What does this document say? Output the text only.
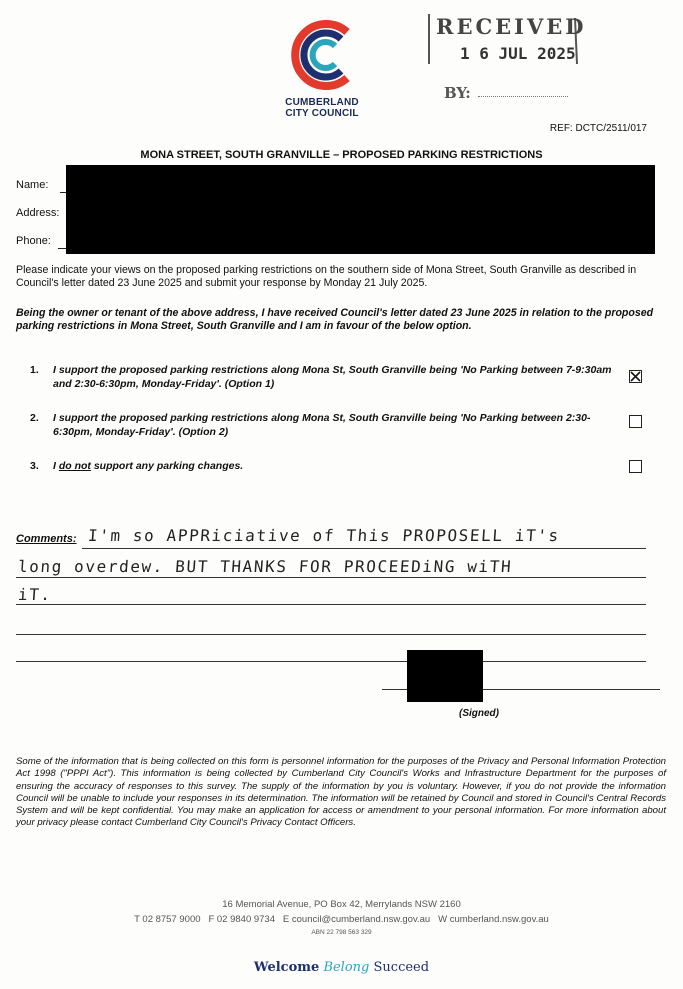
CUMBERLAND
CITY COUNCIL
RECEIVED
1 6 JUL 2025
BY:
REF: DCTC/2511/017
MONA STREET, SOUTH GRANVILLE – PROPOSED PARKING RESTRICTIONS
Name:
Address:
Phone:
Please indicate your views on the proposed parking restrictions on the southern side of Mona Street, South Granville as described in Council's letter dated 23 June 2025 and submit your response by Monday 21 July 2025.
Being the owner or tenant of the above address, I have received Council's letter dated 23 June 2025 in relation to the proposed parking restrictions in Mona Street, South Granville and I am in favour of the below option.
1. I support the proposed parking restrictions along Mona St, South Granville being 'No Parking between 7-9:30am and 2:30-6:30pm, Monday-Friday'. (Option 1)
2. I support the proposed parking restrictions along Mona St, South Granville being 'No Parking between 2:30-6:30pm, Monday-Friday'. (Option 2)
3. I do not support any parking changes.
Comments: I'm so APPRiciative of This PROPOSELL iT's
long overdew. BUT THANKS FOR PROCEEDiNG wiTH
iT.
(Signed)
Some of the information that is being collected on this form is personnel information for the purposes of the Privacy and Personal Information Protection Act 1998 ("PPPI Act"). This information is being collected by Cumberland City Council's Works and Infrastructure Department for the purposes of ensuring the accuracy of responses to this survey. The supply of the information by you is voluntary. However, if you do not provide the information Council will be unable to include your responses in its determination. The information will be retained by Council and stored in Council's Central Records System and will be kept confidential. You may make an application for access or amendment to your personal information. For more information about your privacy please contact Cumberland City Council's Privacy Contact Officers.
16 Memorial Avenue, PO Box 42, Merrylands NSW 2160
T 02 8757 9000   F 02 9840 9734   E council@cumberland.nsw.gov.au   W cumberland.nsw.gov.au
ABN 22 798 563 329
Welcome Belong Succeed
